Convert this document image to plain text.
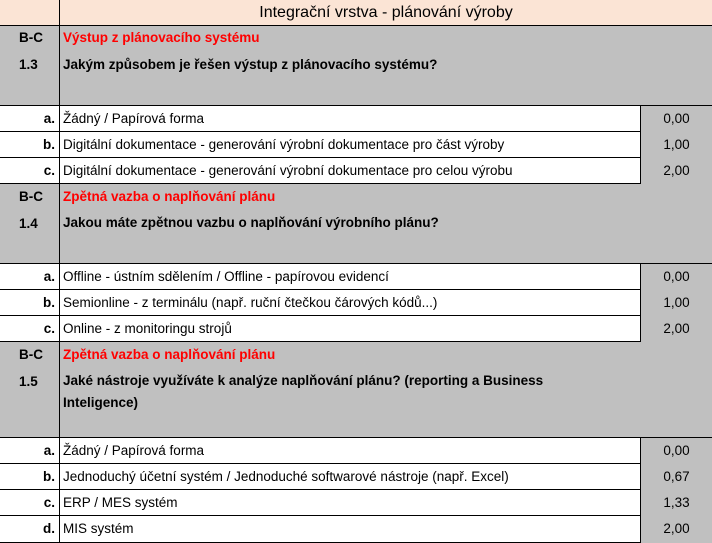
Integrační vrstva - plánování výroby
B-C
1.3
Výstup z plánovacího systému
Jakým způsobem je řešen výstup z plánovacího systému?
a. Žádný / Papírová forma	0,00
b. Digitální dokumentace - generování výrobní dokumentace pro část výroby	1,00
c. Digitální dokumentace - generování výrobní dokumentace pro celou výrobu	2,00
B-C
1.4
Zpětná vazba o naplňování plánu
Jakou máte zpětnou vazbu o naplňování výrobního plánu?
a. Offline - ústním sdělením / Offline - papírovou evidencí	0,00
b. Semionline - z terminálu (např. ruční čtečkou čárových kódů...)	1,00
c. Online - z monitoringu strojů	2,00
B-C
1.5
Zpětná vazba o naplňování plánu
Jaké nástroje využíváte k analýze naplňování plánu? (reporting a Business Inteligence)
a. Žádný / Papírová forma	0,00
b. Jednoduchý účetní systém / Jednoduché softwarové nástroje (např. Excel)	0,67
c. ERP / MES systém	1,33
d. MIS systém	2,00
